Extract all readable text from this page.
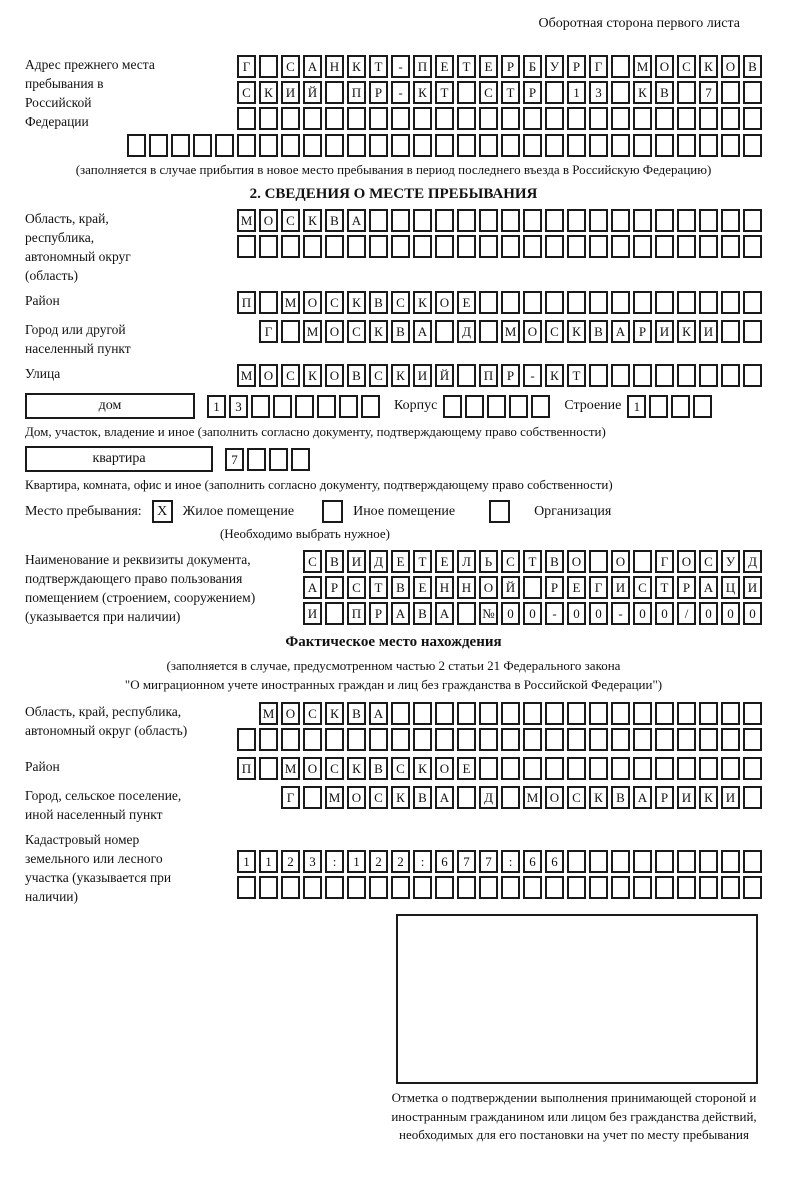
Оборотная сторона первого листа
Адрес прежнего места пребывания в Российской Федерации
Г	С А Н К	Т	-	П	Е	Т	Е	Р	Б	У	Р	Г	М О С	К О В
С	К И Й	П	Р	-	К	Т	С	Т	Р	1	3	К	В	7
(заполняется в случае прибытия в новое место пребывания в период последнего въезда в Российскую Федерацию)
2. СВЕДЕНИЯ О МЕСТЕ ПРЕБЫВАНИЯ
Область, край, республика, автономный округ (область)
М О С	К	В А
Район	П	М О С	К	В	С	К О	Е
Город или другой населенный пункт
Г	М О С	К	В А	Д	М О С	К	В А	Р	И К И
Улица	М О С	К О В	С	К И Й	П	Р	-	К	Т
дом	1	3	Корпус	Строение 1
Дом, участок, владение и иное (заполнить согласно документу, подтверждающему право собственности)
квартира	7
Квартира, комната, офис и иное (заполнить согласно документу, подтверждающему право собственности)
Место пребывания:	X	Жилое помещение	Иное помещение	Организация
(Необходимо выбрать нужное)
Наименование и реквизиты документа, подтверждающего право пользования помещением (строением, сооружением) (указывается при наличии)
С	В И Д	Е	Т	Е	Л	Ь	С	Т	В О	О	Г	О С	У Д
А	Р	С	Т	В	Е	Н Н О Й	Р	Е	Г	И С	Т	Р	А Ц И
И	П	Р	А В А	№ 0	0	-	0	0	-	0	0	/	0	0	0
Фактическое место нахождения
(заполняется в случае, предусмотренном частью 2 статьи 21 Федерального закона
"О миграционном учете иностранных граждан и лиц без гражданства в Российской Федерации")
Область, край, республика, автономный округ (область)
М О С	К	В А
Район	П	М О С	К	В	С	К О	Е
Город, сельское поселение, иной населенный пункт
Г	М О С	К	В А	Д	М О С	К	В А	Р	И К И
Кадастровый номер земельного или лесного участка (указывается при наличии)
1	1	2	3	:	1	2	2	:	6	7	7	:	6	6
Отметка о подтверждении выполнения принимающей стороной и иностранным гражданином или лицом без гражданства действий, необходимых для его постановки на учет по месту пребывания
